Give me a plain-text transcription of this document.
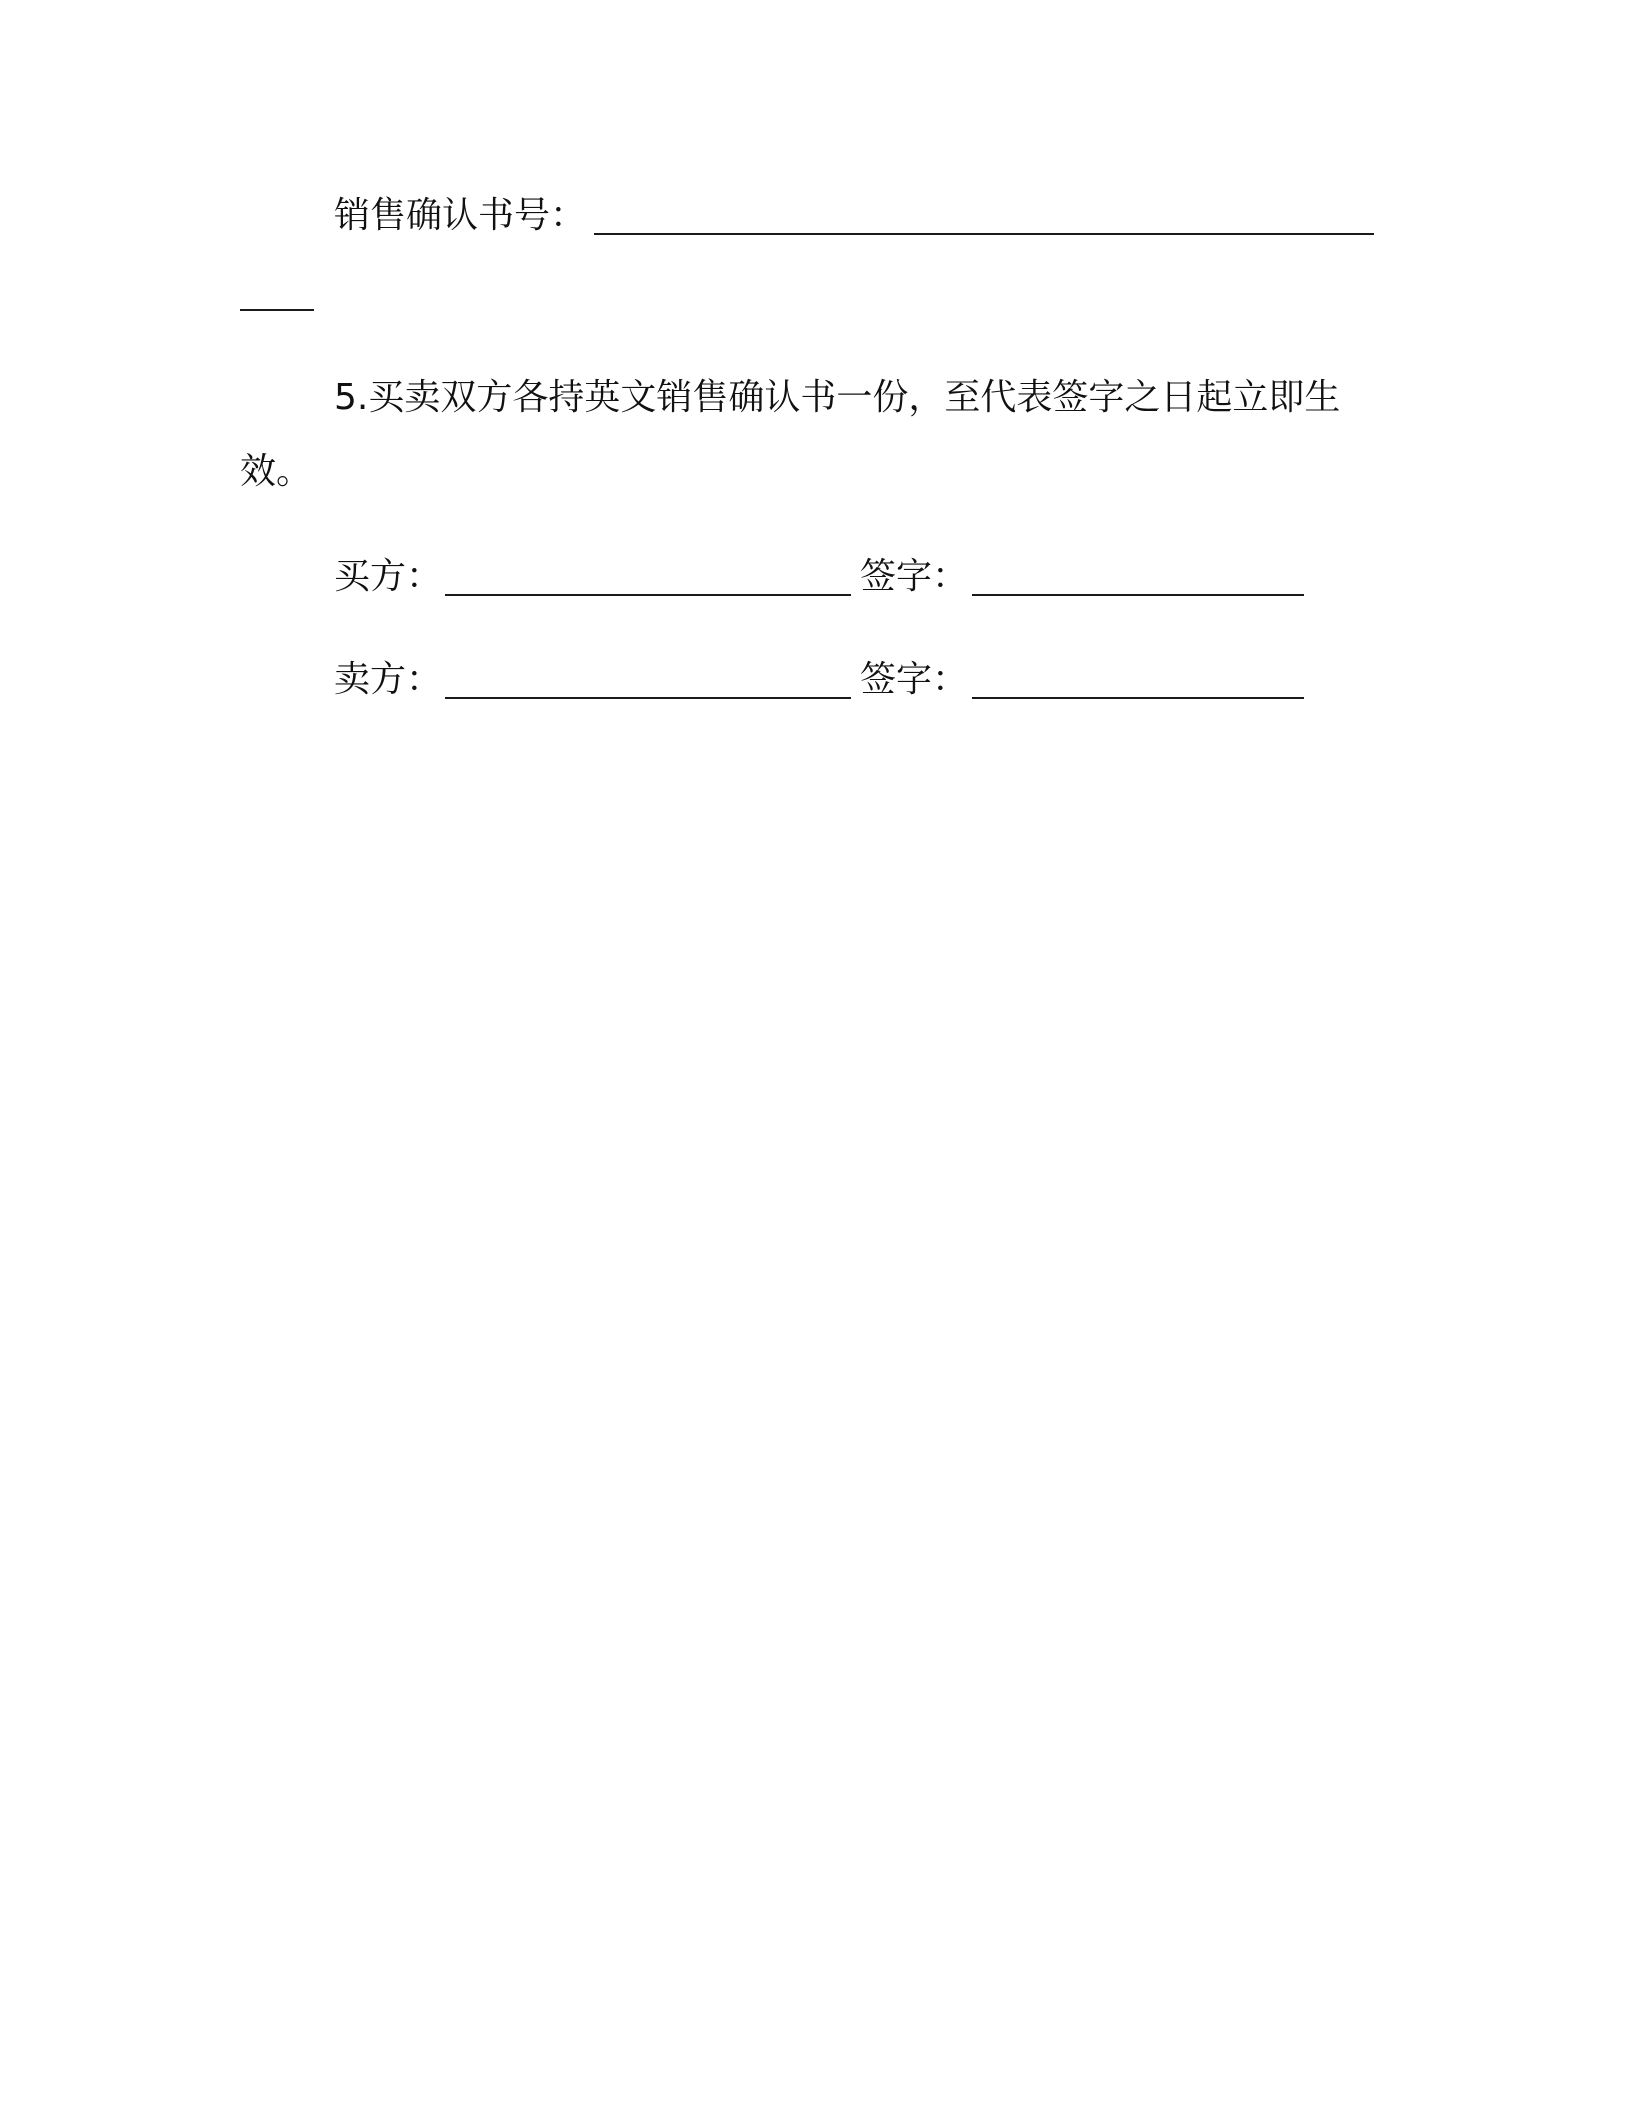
销售确认书号：
5.买卖双方各持英文销售确认书一份，至代表签字之日起立即生
效。
买方：	签字：
卖方：	签字：
